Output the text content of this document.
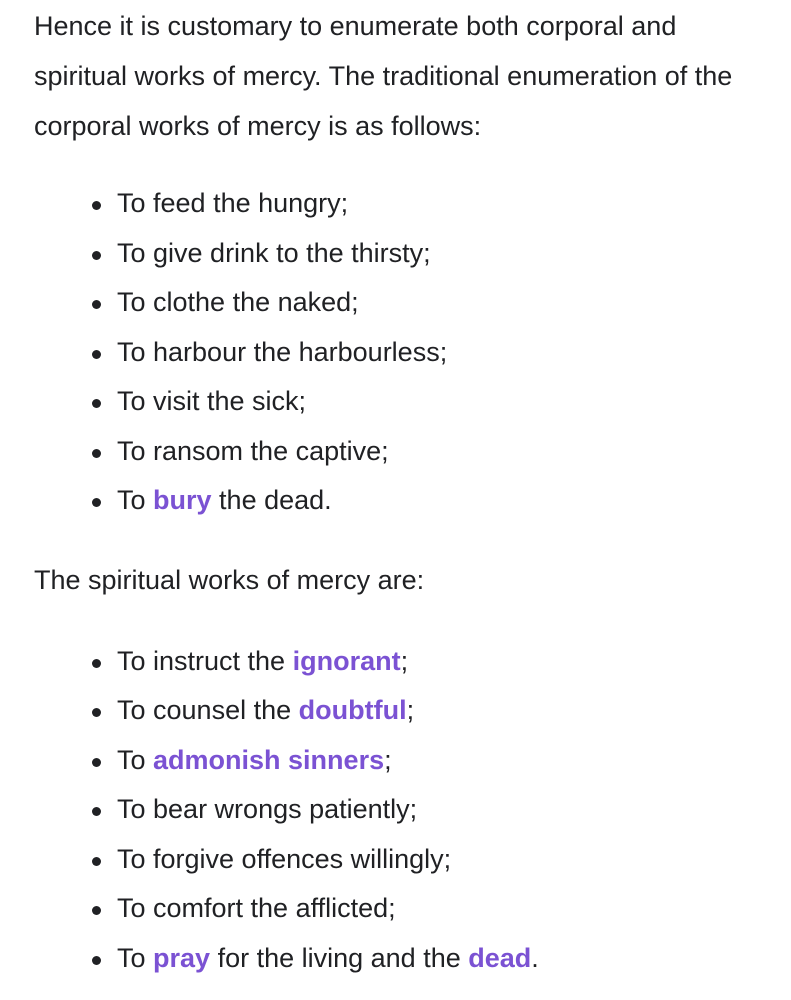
Hence it is customary to enumerate both corporal and spiritual works of mercy. The traditional enumeration of the corporal works of mercy is as follows:

To feed the hungry;
To give drink to the thirsty;
To clothe the naked;
To harbour the harbourless;
To visit the sick;
To ransom the captive;
To bury the dead.

The spiritual works of mercy are:

To instruct the ignorant;
To counsel the doubtful;
To admonish sinners;
To bear wrongs patiently;
To forgive offences willingly;
To comfort the afflicted;
To pray for the living and the dead.
